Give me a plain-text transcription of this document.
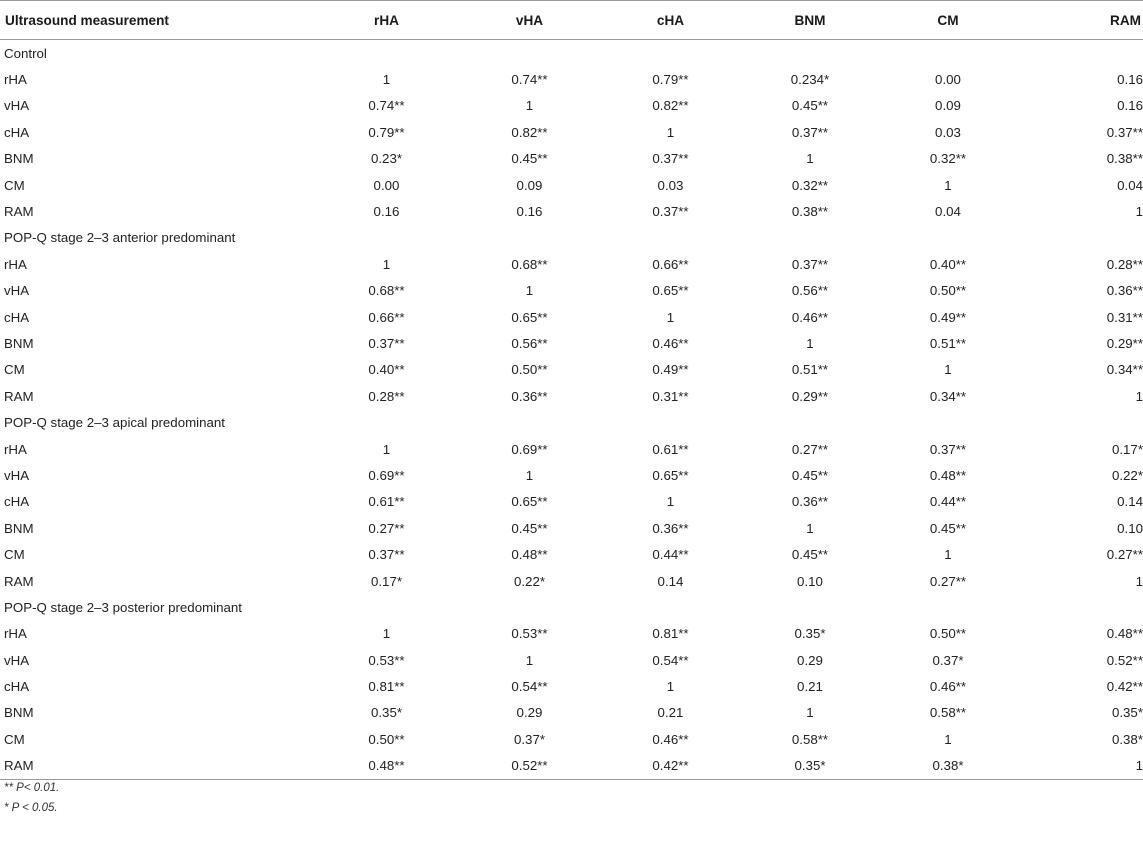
Ultrasound measurement	rHA	vHA	cHA	BNM	CM	RAM
Control						
rHA	1	0.74**	0.79**	0.234*	0.00	0.16
vHA	0.74**	1	0.82**	0.45**	0.09	0.16
cHA	0.79**	0.82**	1	0.37**	0.03	0.37**
BNM	0.23*	0.45**	0.37**	1	0.32**	0.38**
CM	0.00	0.09	0.03	0.32**	1	0.04
RAM	0.16	0.16	0.37**	0.38**	0.04	1
POP-Q stage 2–3 anterior predominant						
rHA	1	0.68**	0.66**	0.37**	0.40**	0.28**
vHA	0.68**	1	0.65**	0.56**	0.50**	0.36**
cHA	0.66**	0.65**	1	0.46**	0.49**	0.31**
BNM	0.37**	0.56**	0.46**	1	0.51**	0.29**
CM	0.40**	0.50**	0.49**	0.51**	1	0.34**
RAM	0.28**	0.36**	0.31**	0.29**	0.34**	1
POP-Q stage 2–3 apical predominant						
rHA	1	0.69**	0.61**	0.27**	0.37**	0.17*
vHA	0.69**	1	0.65**	0.45**	0.48**	0.22*
cHA	0.61**	0.65**	1	0.36**	0.44**	0.14
BNM	0.27**	0.45**	0.36**	1	0.45**	0.10
CM	0.37**	0.48**	0.44**	0.45**	1	0.27**
RAM	0.17*	0.22*	0.14	0.10	0.27**	1
POP-Q stage 2–3 posterior predominant						
rHA	1	0.53**	0.81**	0.35*	0.50**	0.48**
vHA	0.53**	1	0.54**	0.29	0.37*	0.52**
cHA	0.81**	0.54**	1	0.21	0.46**	0.42**
BNM	0.35*	0.29	0.21	1	0.58**	0.35*
CM	0.50**	0.37*	0.46**	0.58**	1	0.38*
RAM	0.48**	0.52**	0.42**	0.35*	0.38*	1
** P< 0.01.
* P < 0.05.
